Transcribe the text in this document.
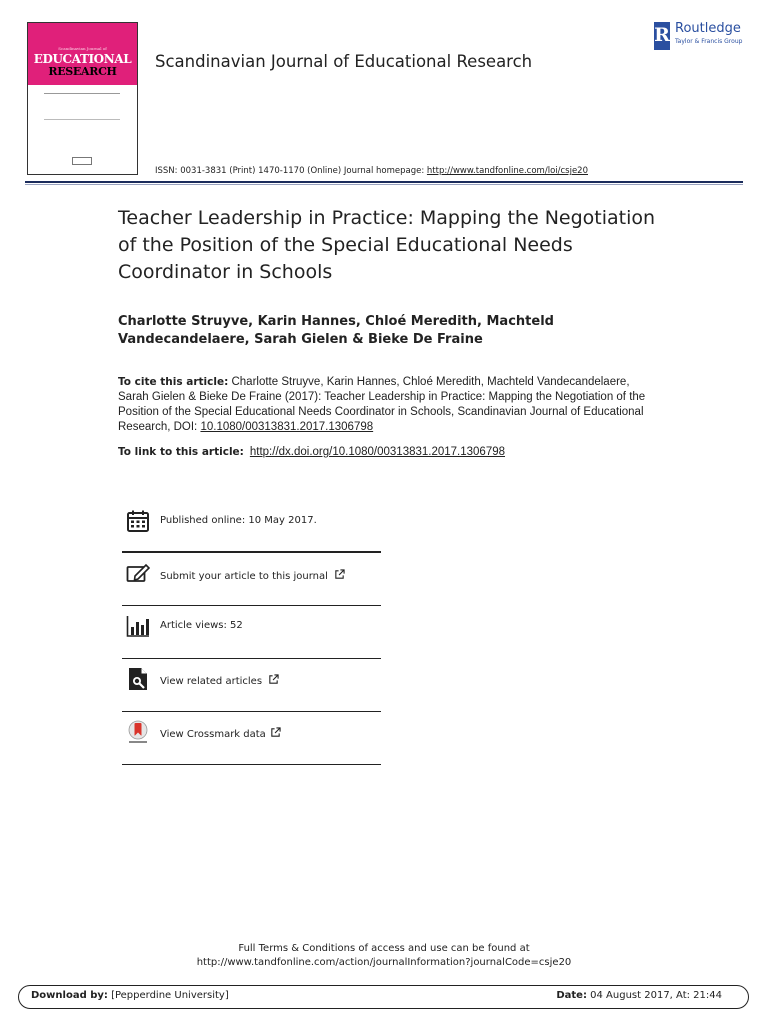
Scandinavian Journal of
EDUCATIONAL
RESEARCH
Scandinavian Journal of Educational Research
R Routledge
Taylor & Francis Group
ISSN: 0031-3831 (Print) 1470-1170 (Online) Journal homepage: http://www.tandfonline.com/loi/csje20
Teacher Leadership in Practice: Mapping the Negotiation of the Position of the Special Educational Needs Coordinator in Schools
Charlotte Struyve, Karin Hannes, Chloé Meredith, Machteld Vandecandelaere, Sarah Gielen & Bieke De Fraine
To cite this article: Charlotte Struyve, Karin Hannes, Chloé Meredith, Machteld Vandecandelaere, Sarah Gielen & Bieke De Fraine (2017): Teacher Leadership in Practice: Mapping the Negotiation of the Position of the Special Educational Needs Coordinator in Schools, Scandinavian Journal of Educational Research, DOI: 10.1080/00313831.2017.1306798
To link to this article: http://dx.doi.org/10.1080/00313831.2017.1306798
Published online: 10 May 2017.
Submit your article to this journal
Article views: 52
View related articles
View Crossmark data
Full Terms & Conditions of access and use can be found at
http://www.tandfonline.com/action/journalInformation?journalCode=csje20
Download by: [Pepperdine University]	Date: 04 August 2017, At: 21:44
